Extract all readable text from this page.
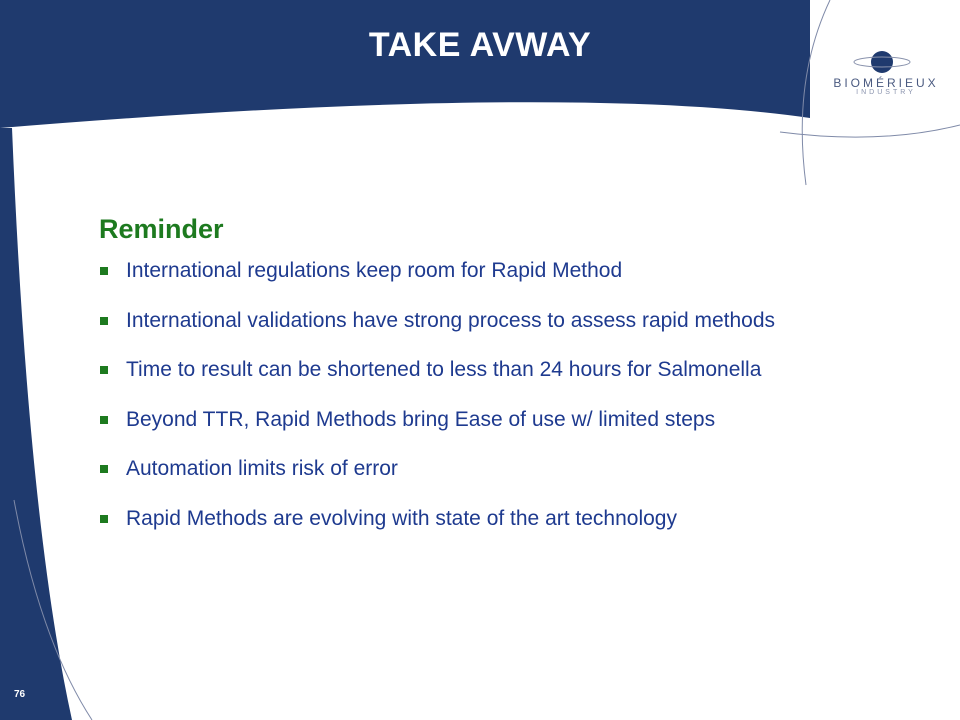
TAKE AVWAY
BIOMÉRIEUX
INDUSTRY
Reminder
International regulations keep room for Rapid Method
International validations have strong process to assess rapid methods
Time to result can be shortened to less than 24 hours for Salmonella
Beyond TTR, Rapid Methods bring Ease of use w/ limited steps
Automation limits risk of error
Rapid Methods are evolving with state of the art technology
76
